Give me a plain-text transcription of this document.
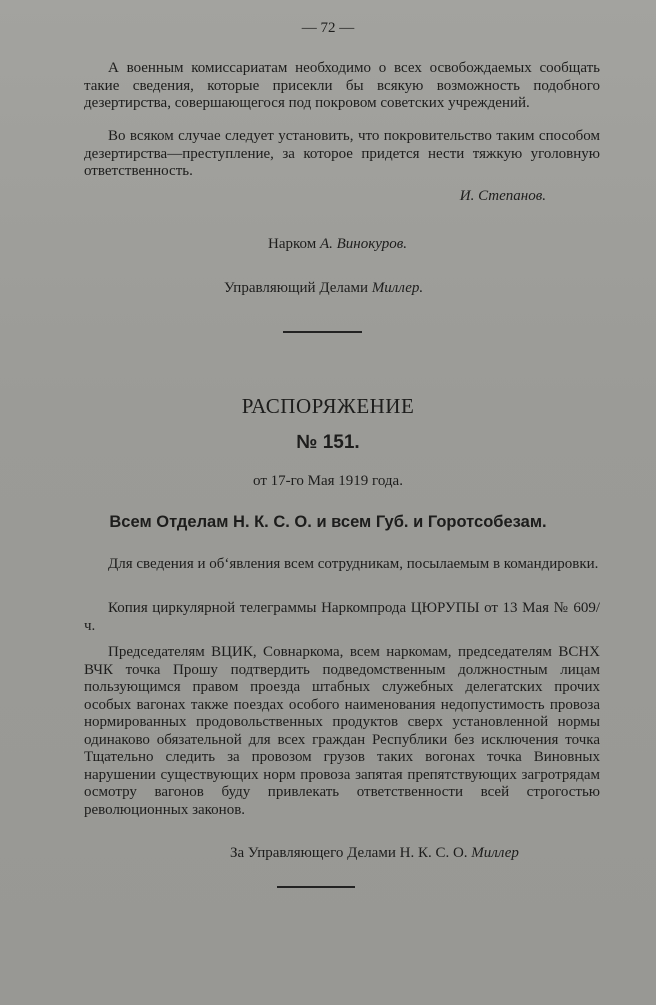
— 72 —
А военным комиссариатам необходимо о всех освобождаемых сообщать такие сведения, которые присекли бы всякую возможность подобного дезертирства, совершающегося под покровом советских учреждений.
Во всяком случае следует установить, что покровительство таким способом дезертирства—преступление, за которое придется нести тяжкую уголовную ответственность.
И. Степанов.
Нарком А. Винокуров.
Управляющий Делами Миллер.
РАСПОРЯЖЕНИЕ
№ 151.
от 17-го Мая 1919 года.
Всем Отделам Н. К. С. О. и всем Губ. и Горотсобезам.
Для сведения и об‘явления всем сотрудникам, посылаемым в командировки.
Копия циркулярной телеграммы Наркомпрода ЦЮРУПЫ от 13 Мая № 609/ч.
Председателям ВЦИК, Совнаркома, всем наркомам, председателям ВСНХ ВЧК точка Прошу подтвердить подведомственным должностным лицам пользующимся правом проезда штабных служебных делегатских прочих особых вагонах также поездах особого наименования недопустимость провоза нормированных продовольственных продуктов сверх установленной нормы одинаково обязательной для всех граждан Республики без исключения точка Тщательно следить за провозом грузов таких вогонах точка Виновных нарушении существующих норм провоза запятая препятствующих загротрядам осмотру вагонов буду привлекать ответственности всей строгостью революционных законов.
За Управляющего Делами Н. К. С. О. Миллер
